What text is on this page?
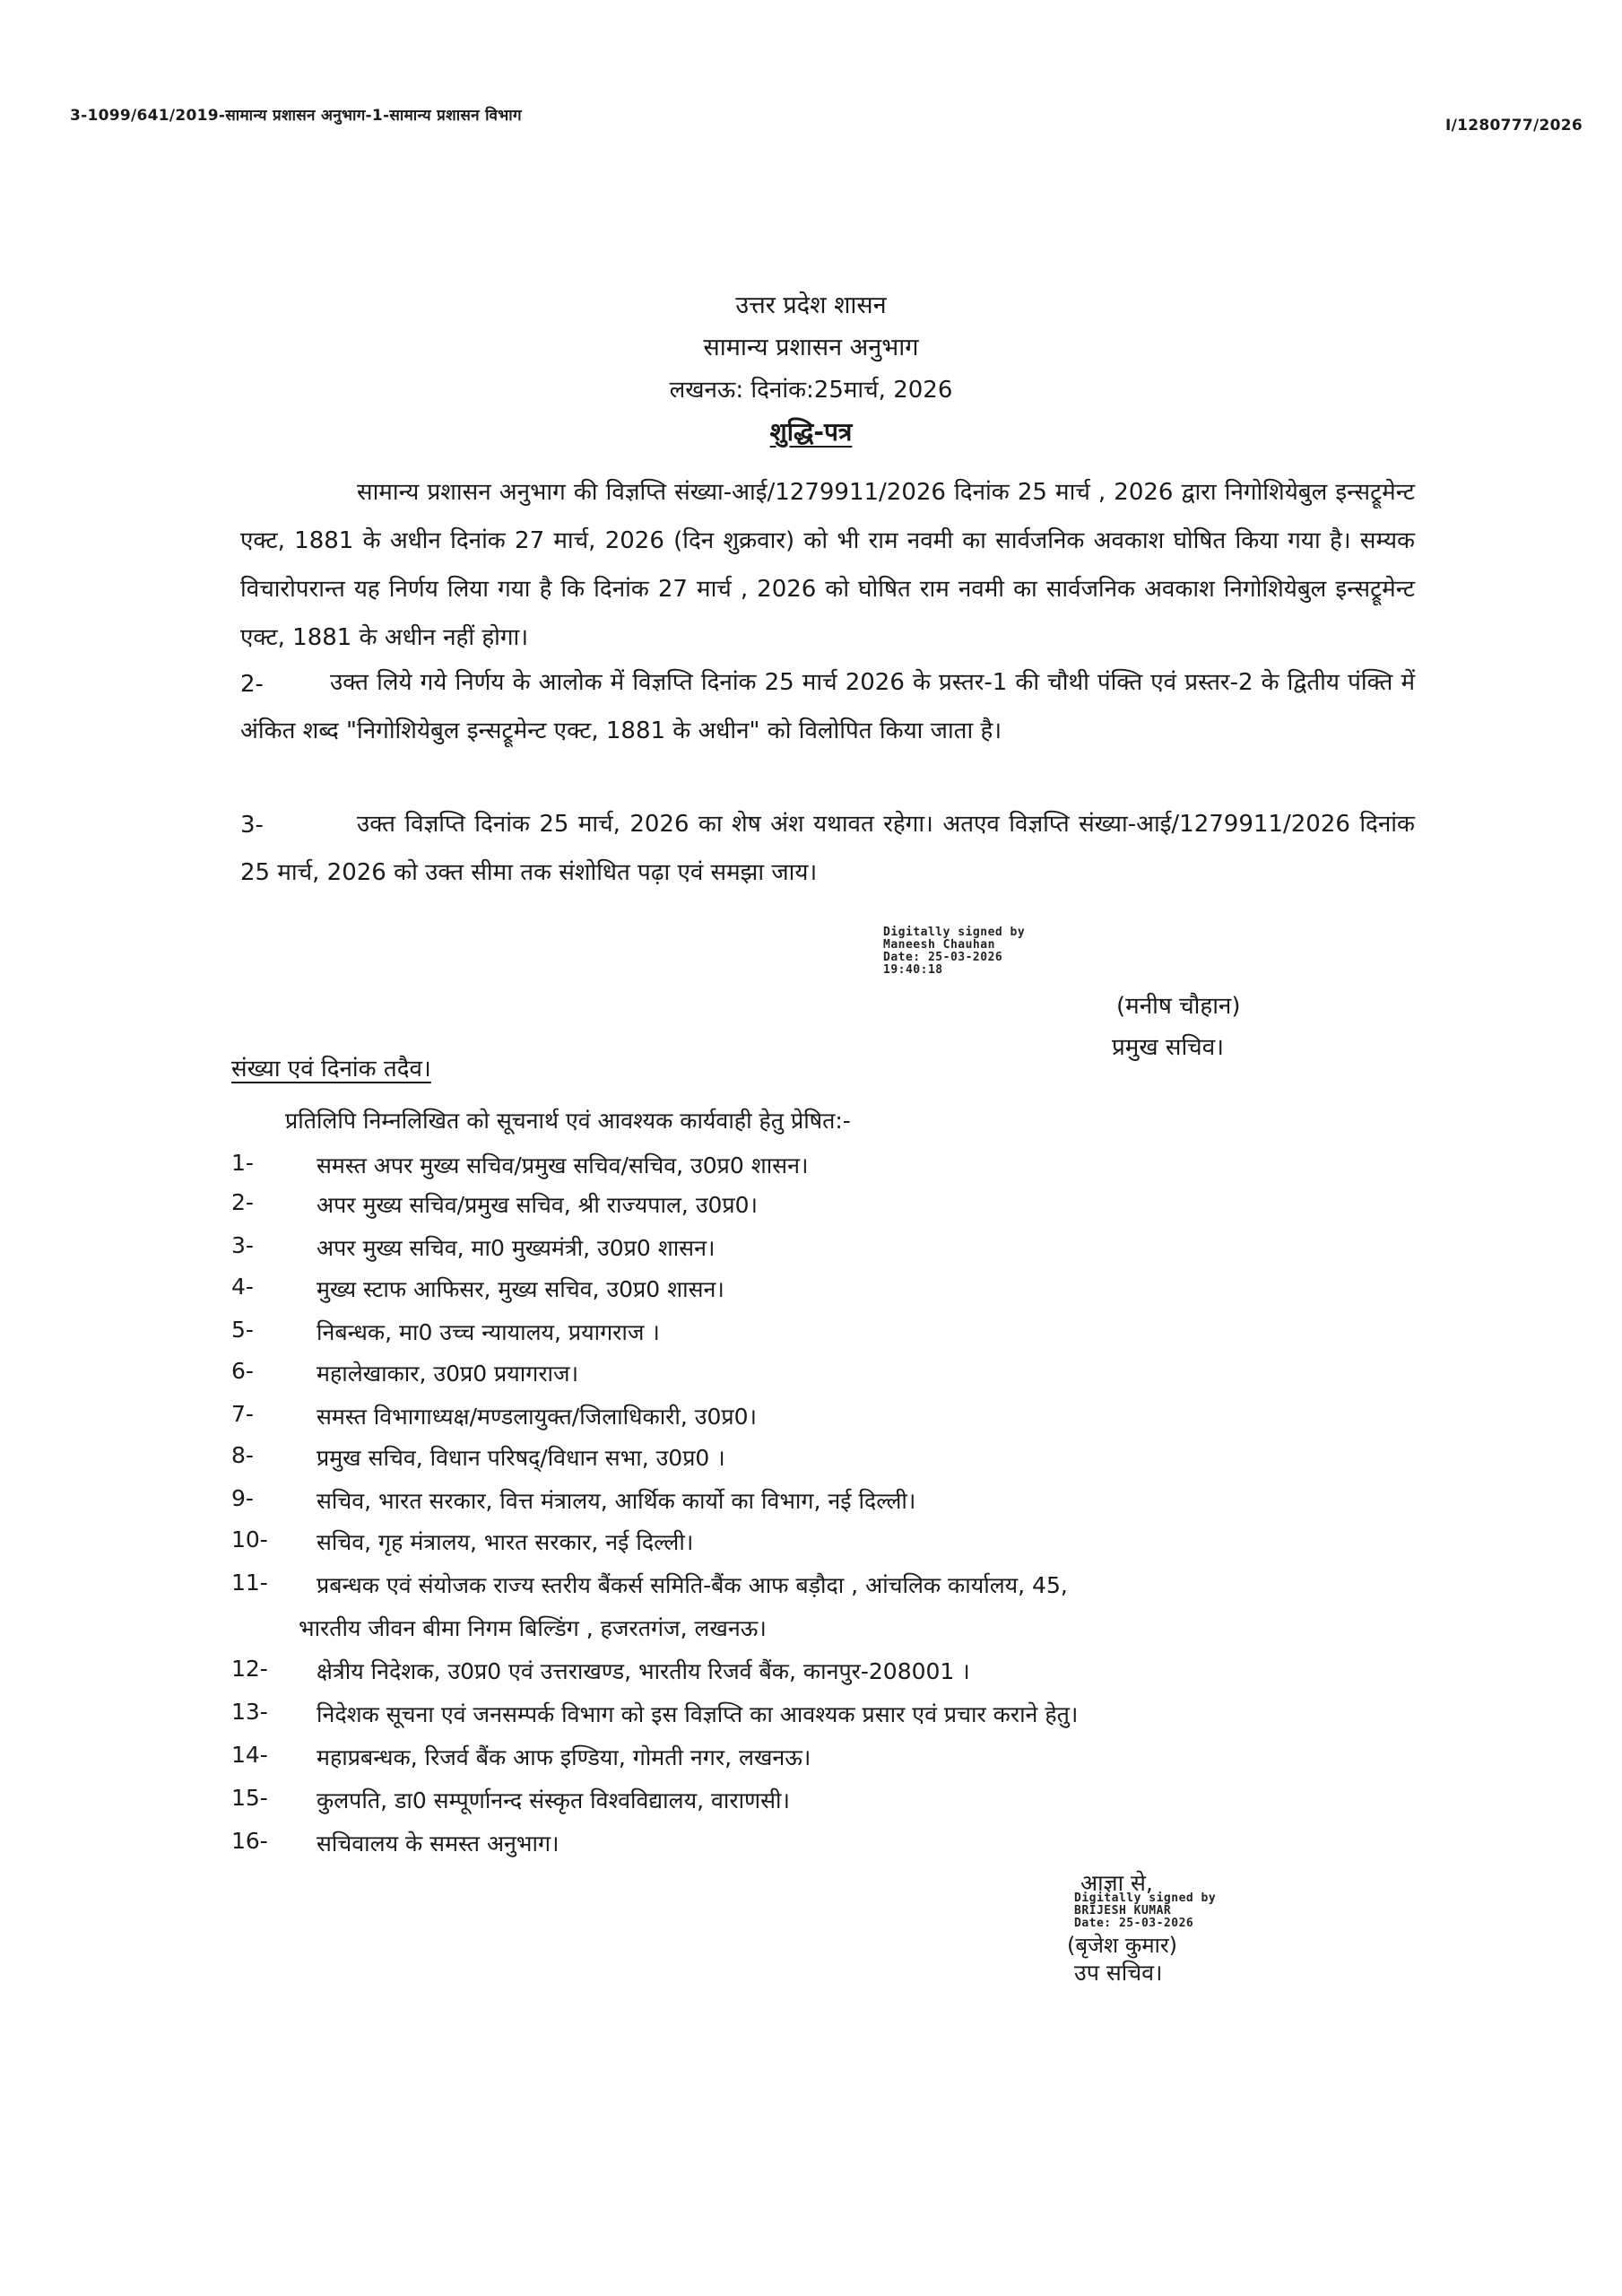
3-1099/641/2019-सामान्य प्रशासन अनुभाग-1-सामान्य प्रशासन विभाग
I/1280777/2026
उत्तर प्रदेश शासन
सामान्य प्रशासन अनुभाग
लखनऊ: दिनांक:25मार्च, 2026
शुद्धि-पत्र

सामान्य प्रशासन अनुभाग की विज्ञप्ति संख्या-आई/1279911/2026 दिनांक 25 मार्च , 2026 द्वारा निगोशियेबुल इन्सट्रूमेन्ट एक्ट, 1881 के अधीन दिनांक 27 मार्च, 2026 (दिन शुक्रवार) को भी राम नवमी का सार्वजनिक अवकाश घोषित किया गया है। सम्यक विचारोपरान्त यह निर्णय लिया गया है कि दिनांक 27 मार्च , 2026 को घोषित राम नवमी का सार्वजनिक अवकाश निगोशियेबुल इन्सट्रूमेन्ट एक्ट, 1881 के अधीन नहीं होगा।

2-	उक्त लिये गये निर्णय के आलोक में विज्ञप्ति दिनांक 25 मार्च 2026 के प्रस्तर-1 की चौथी पंक्ति एवं प्रस्तर-2 के द्वितीय पंक्ति में अंकित शब्द "निगोशियेबुल इन्सट्रूमेन्ट एक्ट, 1881 के अधीन" को विलोपित किया जाता है।

3-	उक्त विज्ञप्ति दिनांक 25 मार्च, 2026 का शेष अंश यथावत रहेगा। अतएव विज्ञप्ति संख्या-आई/1279911/2026 दिनांक 25 मार्च, 2026 को उक्त सीमा तक संशोधित पढ़ा एवं समझा जाय।

Digitally signed by
Maneesh Chauhan
Date: 25-03-2026
19:40:18
(मनीष चौहान)
प्रमुख सचिव।
संख्या एवं दिनांक तदैव।
प्रतिलिपि निम्नलिखित को सूचनार्थ एवं आवश्यक कार्यवाही हेतु प्रेषित:-
1-	समस्त अपर मुख्य सचिव/प्रमुख सचिव/सचिव, उ0प्र0 शासन।
2-	अपर मुख्य सचिव/प्रमुख सचिव, श्री राज्यपाल, उ0प्र0।
3-	अपर मुख्य सचिव, मा0 मुख्यमंत्री, उ0प्र0 शासन।
4-	मुख्य स्टाफ आफिसर, मुख्य सचिव, उ0प्र0 शासन।
5-	निबन्धक, मा0 उच्च न्यायालय, प्रयागराज ।
6-	महालेखाकार, उ0प्र0 प्रयागराज।
7-	समस्त विभागाध्यक्ष/मण्डलायुक्त/जिलाधिकारी, उ0प्र0।
8-	प्रमुख सचिव, विधान परिषद्/विधान सभा, उ0प्र0 ।
9-	सचिव, भारत सरकार, वित्त मंत्रालय, आर्थिक कार्यो का विभाग, नई दिल्ली।
10- सचिव, गृह मंत्रालय, भारत सरकार, नई दिल्ली।
11- प्रबन्धक एवं संयोजक राज्य स्तरीय बैंकर्स समिति-बैंक आफ बड़ौदा , आंचलिक कार्यालय, 45,
भारतीय जीवन बीमा निगम बिल्डिंग , हजरतगंज, लखनऊ।
12- क्षेत्रीय निदेशक, उ0प्र0 एवं उत्तराखण्ड, भारतीय रिजर्व बैंक, कानपुर-208001 ।
13- निदेशक सूचना एवं जनसम्पर्क विभाग को इस विज्ञप्ति का आवश्यक प्रसार एवं प्रचार कराने हेतु।
14- महाप्रबन्धक, रिजर्व बैंक आफ इण्डिया, गोमती नगर, लखनऊ।
15- कुलपति, डा0 सम्पूर्णानन्द संस्कृत विश्वविद्यालय, वाराणसी।
16- सचिवालय के समस्त अनुभाग।
आज्ञा से,
Digitally signed by
BRIJESH KUMAR
Date: 25-03-2026
(बृजेश कुमार)
उप सचिव।
